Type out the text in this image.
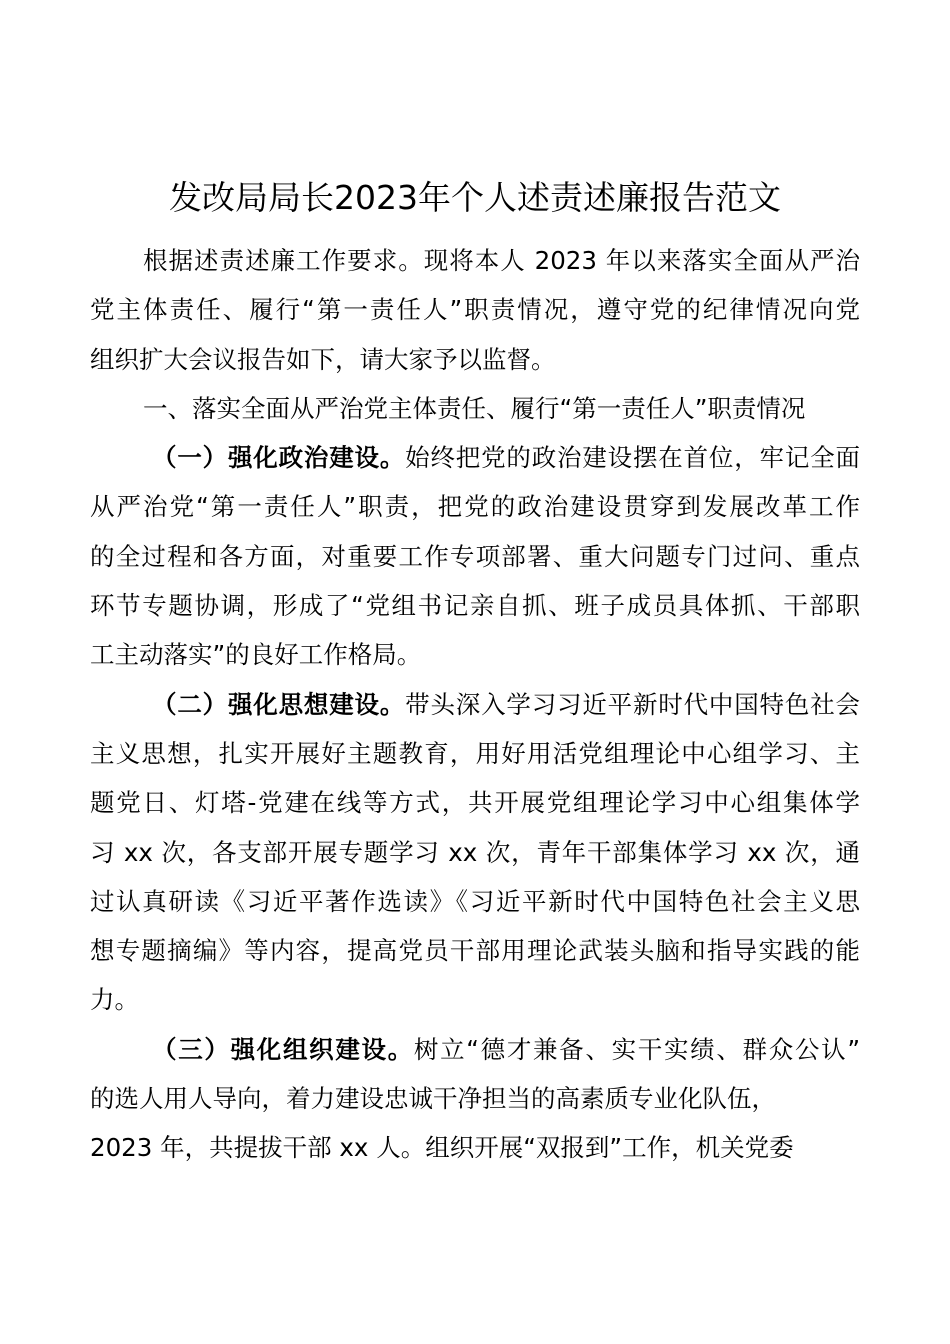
发改局局长2023年个人述责述廉报告范文
根据述责述廉工作要求。现将本人 2023 年以来落实全面从严治
党主体责任、履行“第一责任人”职责情况，遵守党的纪律情况向党
组织扩大会议报告如下，请大家予以监督。
一、落实全面从严治党主体责任、履行“第一责任人”职责情况
（一）强化政治建设。始终把党的政治建设摆在首位，牢记全面
从严治党“第一责任人”职责，把党的政治建设贯穿到发展改革工作
的全过程和各方面，对重要工作专项部署、重大问题专门过问、重点
环节专题协调，形成了“党组书记亲自抓、班子成员具体抓、干部职
工主动落实”的良好工作格局。
（二）强化思想建设。带头深入学习习近平新时代中国特色社会
主义思想，扎实开展好主题教育，用好用活党组理论中心组学习、主
题党日、灯塔-党建在线等方式，共开展党组理论学习中心组集体学
习 xx 次，各支部开展专题学习 xx 次，青年干部集体学习 xx 次，通
过认真研读《习近平著作选读》《习近平新时代中国特色社会主义思
想专题摘编》等内容，提高党员干部用理论武装头脑和指导实践的能
力。
（三）强化组织建设。树立“德才兼备、实干实绩、群众公认”
的选人用人导向，着力建设忠诚干净担当的高素质专业化队伍，
2023 年，共提拔干部 xx 人。组织开展“双报到”工作，机关党委
